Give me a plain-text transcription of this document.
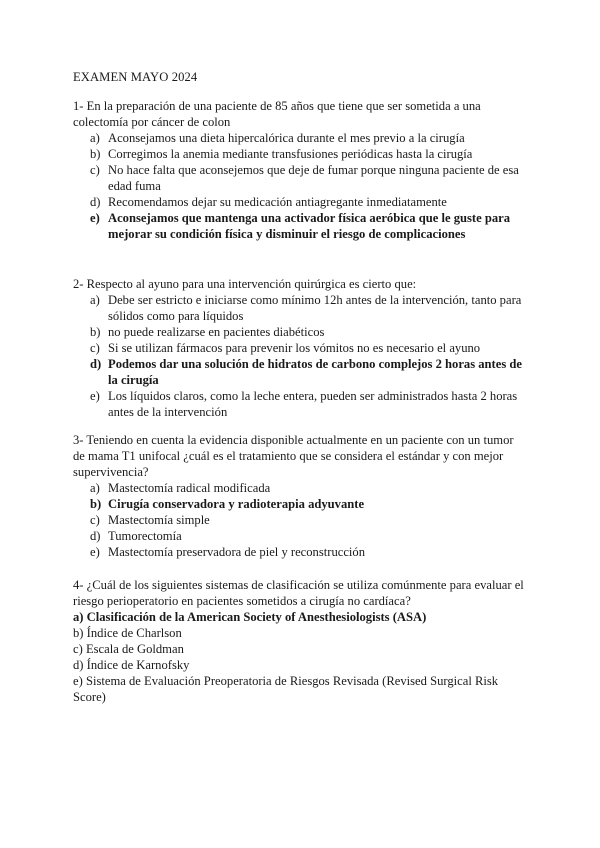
EXAMEN MAYO 2024

1- En la preparación de una paciente de 85 años que tiene que ser sometida a una colectomía por cáncer de colon

a) Aconsejamos una dieta hipercalórica durante el mes previo a la cirugía
b) Corregimos la anemia mediante transfusiones periódicas hasta la cirugía
c) No hace falta que aconsejemos que deje de fumar porque ninguna paciente de esa edad fuma
d) Recomendamos dejar su medicación antiagregante inmediatamente
e) Aconsejamos que mantenga una activador física aeróbica que le guste para mejorar su condición física y disminuir el riesgo de complicaciones

2- Respecto al ayuno para una intervención quirúrgica es cierto que:

a) Debe ser estricto e iniciarse como mínimo 12h antes de la intervención, tanto para sólidos como para líquidos
b) no puede realizarse en pacientes diabéticos
c) Si se utilizan fármacos para prevenir los vómitos no es necesario el ayuno
d) Podemos dar una solución de hidratos de carbono complejos 2 horas antes de la cirugía
e) Los líquidos claros, como la leche entera, pueden ser administrados hasta 2 horas antes de la intervención

3- Teniendo en cuenta la evidencia disponible actualmente en un paciente con un tumor de mama T1 unifocal ¿cuál es el tratamiento que se considera el estándar y con mejor supervivencia?

a) Mastectomía radical modificada
b) Cirugía conservadora y radioterapia adyuvante
c) Mastectomía simple
d) Tumorectomía
e) Mastectomía preservadora de piel y reconstrucción

4- ¿Cuál de los siguientes sistemas de clasificación se utiliza comúnmente para evaluar el riesgo perioperatorio en pacientes sometidos a cirugía no cardíaca?

a) Clasificación de la American Society of Anesthesiologists (ASA)

b) Índice de Charlson

c) Escala de Goldman

d) Índice de Karnofsky

e) Sistema de Evaluación Preoperatoria de Riesgos Revisada (Revised Surgical Risk Score)
